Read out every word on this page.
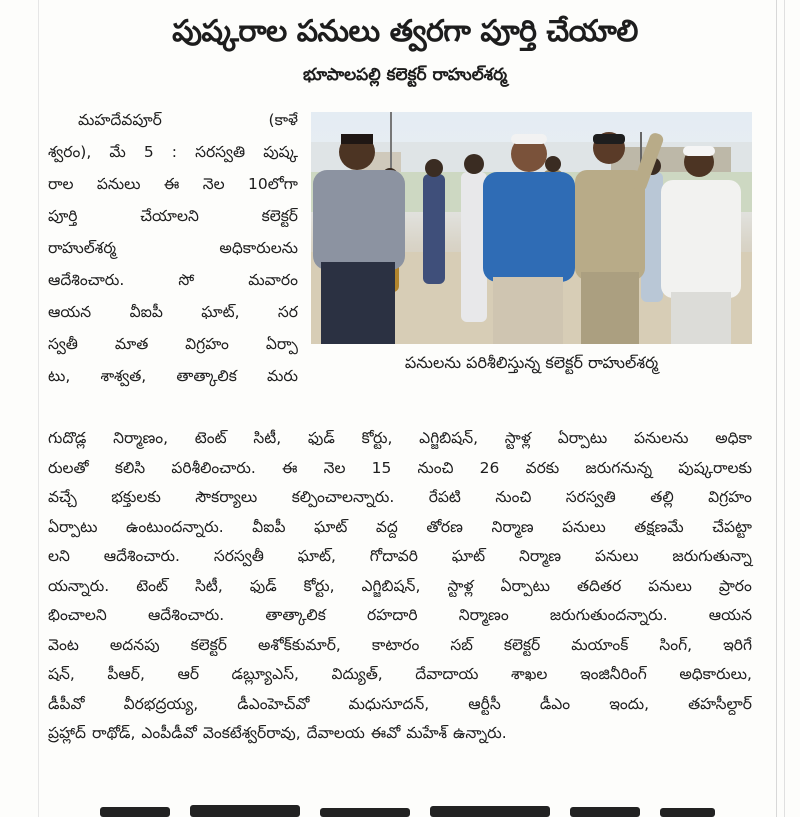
పుష్కరాల పనులు త్వరగా పూర్తి చేయాలి
భూపాలపల్లి కలెక్టర్ రాహుల్‌శర్మ
పనులను పరిశీలిస్తున్న కలెక్టర్ రాహుల్‌శర్మ
మహదేవపూర్	(కాళే
శ్వరం), మే 5 : సరస్వతి పుష్క
రాల పనులు ఈ నెల 10లోగా
పూర్తి	చేయాలని	కలెక్టర్
రాహుల్‌శర్మ	అధికారులను
ఆదేశించారు.	సో	మవారం
ఆయన వీఐపీ ఘాట్, సర
స్వతీ మాత విగ్రహం ఏర్పా
టు, శాశ్వత, తాత్కాలిక మరు
గుదొడ్ల నిర్మాణం, టెంట్ సిటీ, ఫుడ్ కోర్టు, ఎగ్జిబిషన్, స్టాళ్ల ఏర్పాటు పనులను అధికా
రులతో కలిసి పరిశీలించారు. ఈ నెల 15 నుంచి 26 వరకు జరుగనున్న పుష్కరాలకు
వచ్చే భక్తులకు సౌకర్యాలు కల్పించాలన్నారు. రేపటి నుంచి సరస్వతి తల్లి విగ్రహం
ఏర్పాటు ఉంటుందన్నారు. వీఐపీ ఘాట్ వద్ద తోరణ నిర్మాణ పనులు తక్షణమే చేపట్టా
లని ఆదేశించారు. సరస్వతీ ఘాట్, గోదావరి ఘాట్ నిర్మాణ పనులు జరుగుతున్నా
యన్నారు. టెంట్ సిటీ, ఫుడ్ కోర్టు, ఎగ్జిబిషన్, స్టాళ్ల ఏర్పాటు తదితర పనులు ప్రారం
భించాలని	ఆదేశించారు.	తాత్కాలిక	రహదారి	నిర్మాణం	జరుగుతుందన్నారు.	ఆయన
వెంట అదనపు కలెక్టర్ అశోక్‌కుమార్, కాటారం సబ్ కలెక్టర్ మయాంక్ సింగ్, ఇరిగే
షన్, పీఆర్, ఆర్ డబ్ల్యూఎస్, విద్యుత్, దేవాదాయ శాఖల ఇంజినీరింగ్ అధికారులు,
డీపీవో	వీరభద్రయ్య,	డీఎంహెచ్‌వో	మధుసూదన్,	ఆర్టీసీ	డీఎం	ఇందు,	తహసీల్దార్
ప్రహ్లాద్ రాథోడ్, ఎంపీడీవో వెంకటేశ్వర్‌రావు, దేవాలయ ఈవో మహేశ్ ఉన్నారు.
